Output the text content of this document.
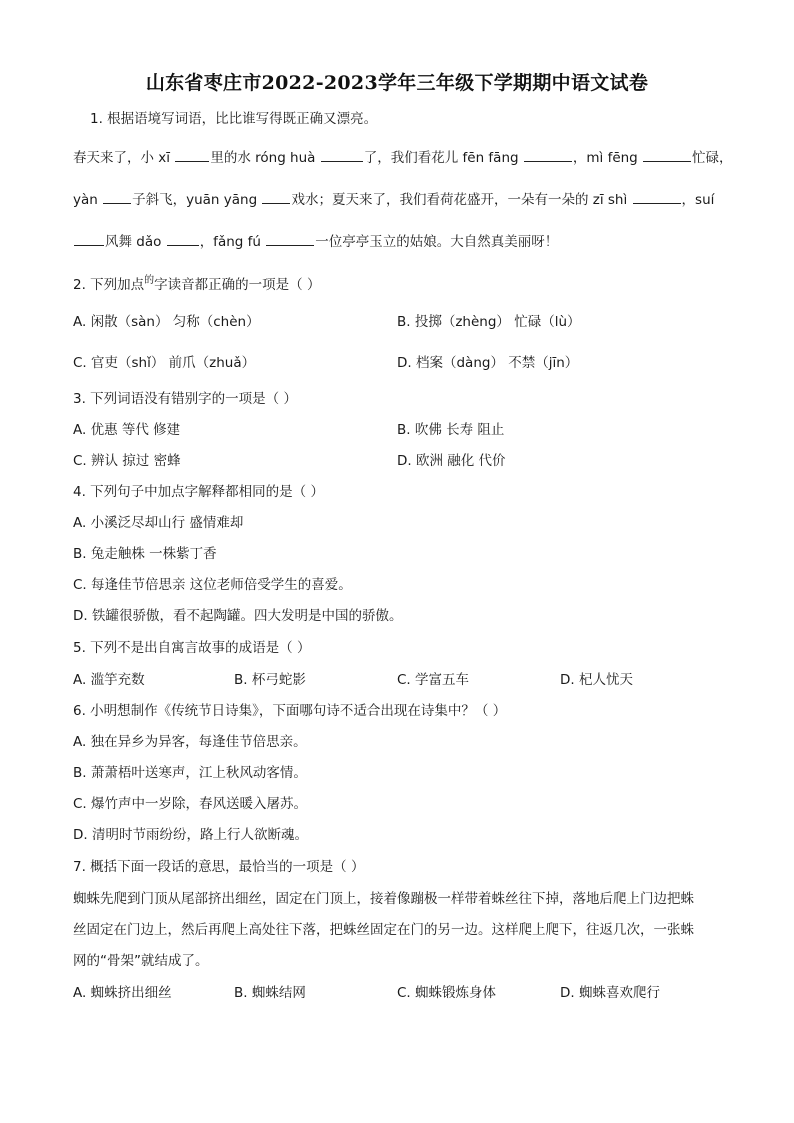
山东省枣庄市2022-2023学年三年级下学期期中语文试卷
1. 根据语境写词语，比比谁写得既正确又漂亮。
春天来了，小 xī	里的水 róng huà	了，我们看花儿 fēn fāng	，mì fēng	忙碌，
yàn 子斜飞，yuān yāng 戏水；夏天来了，我们看荷花盛开，一朵有一朵的 zī shì	，suí
风舞 dǎo	，fǎng fú	一位亭亭玉立的姑娘。大自然真美丽呀！
2. 下列加点$^的$字读音都正确的一项是（ ）
A. 闲散（sàn） 匀称（chèn）	B. 投掷（zhèng） 忙碌（lù）
C. 官吏（shǐ） 前爪（zhuǎ）	D. 档案（dàng） 不禁（jīn）
3. 下列词语没有错别字的一项是（ ）
A. 优惠 等代 修建	B. 吹佛 长寿 阻止
C. 辨认 掠过 密蜂	D. 欧洲 融化 代价
4. 下列句子中加点字解释都相同的是（ ）
A. 小溪泛尽却山行 盛情难却
B. 兔走触株 一株紫丁香
C. 每逢佳节倍思亲 这位老师倍受学生的喜爱。
D. 铁罐很骄傲，看不起陶罐。四大发明是中国的骄傲。
5. 下列不是出自寓言故事的成语是（ ）
A. 滥竽充数	B. 杯弓蛇影	C. 学富五车	D. 杞人忧天
6. 小明想制作《传统节日诗集》，下面哪句诗不适合出现在诗集中？（ ）
A. 独在异乡为异客，每逢佳节倍思亲。
B. 萧萧梧叶送寒声，江上秋风动客情。
C. 爆竹声中一岁除，春风送暖入屠苏。
D. 清明时节雨纷纷，路上行人欲断魂。
7. 概括下面一段话的意思，最恰当的一项是（ ）
蜘蛛先爬到门顶从尾部挤出细丝，固定在门顶上，接着像蹦极一样带着蛛丝往下掉，落地后爬上门边把蛛
丝固定在门边上，然后再爬上高处往下落，把蛛丝固定在门的另一边。这样爬上爬下，往返几次，一张蛛
网的“骨架”就结成了。
A. 蜘蛛挤出细丝	B. 蜘蛛结网	C. 蜘蛛锻炼身体	D. 蜘蛛喜欢爬行
